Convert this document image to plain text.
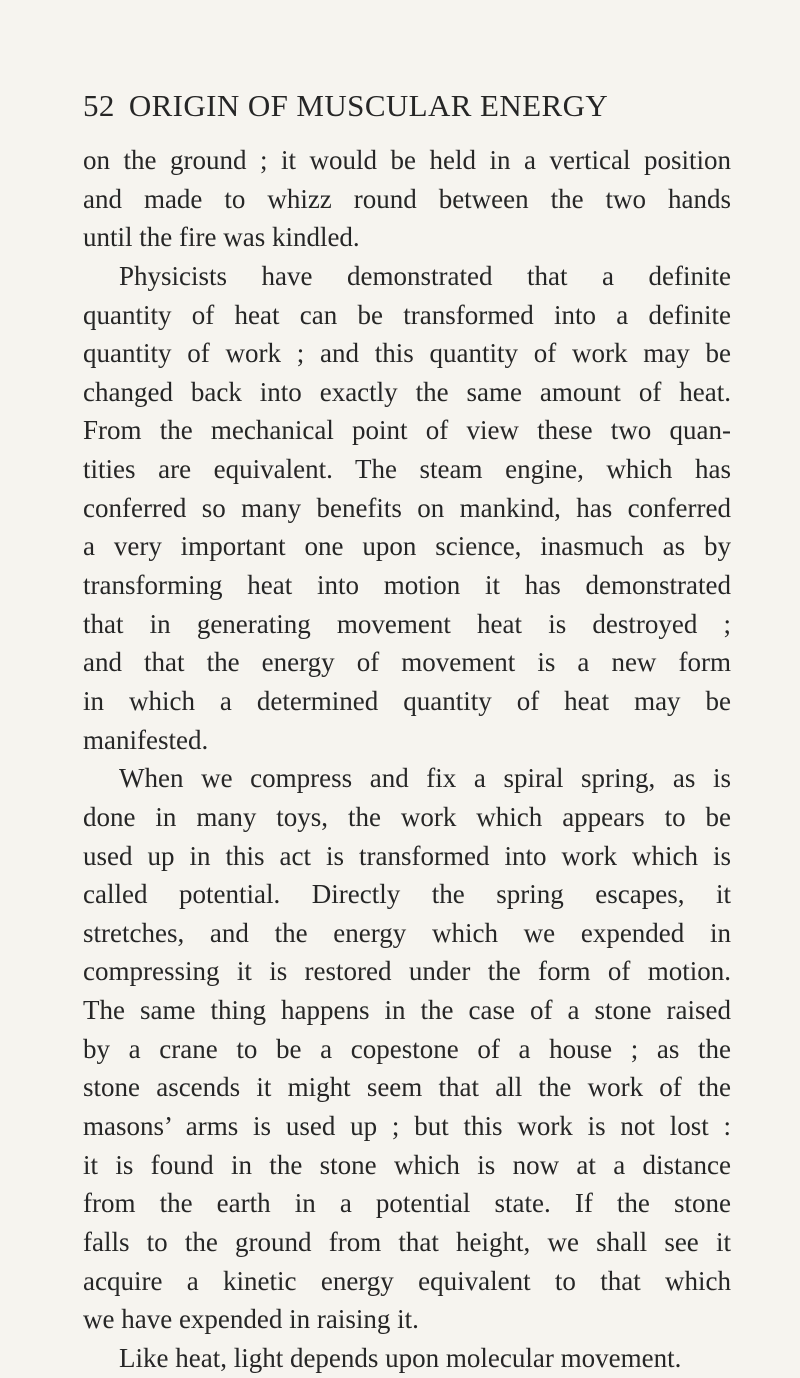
52 ORIGIN OF MUSCULAR ENERGY
on the ground ; it would be held in a vertical position
and made to whizz round between the two hands
until the fire was kindled.
Physicists have demonstrated that a definite
quantity of heat can be transformed into a definite
quantity of work ; and this quantity of work may be
changed back into exactly the same amount of heat.
From the mechanical point of view these two quan-
tities are equivalent. The steam engine, which has
conferred so many benefits on mankind, has conferred
a very important one upon science, inasmuch as by
transforming heat into motion it has demonstrated
that in generating movement heat is destroyed ;
and that the energy of movement is a new form
in which a determined quantity of heat may be
manifested.
When we compress and fix a spiral spring, as is
done in many toys, the work which appears to be
used up in this act is transformed into work which is
called potential. Directly the spring escapes, it
stretches, and the energy which we expended in
compressing it is restored under the form of motion.
The same thing happens in the case of a stone raised
by a crane to be a copestone of a house ; as the
stone ascends it might seem that all the work of the
masons’ arms is used up ; but this work is not lost :
it is found in the stone which is now at a distance
from the earth in a potential state. If the stone
falls to the ground from that height, we shall see it
acquire a kinetic energy equivalent to that which
we have expended in raising it.
Like heat, light depends upon molecular movement.
